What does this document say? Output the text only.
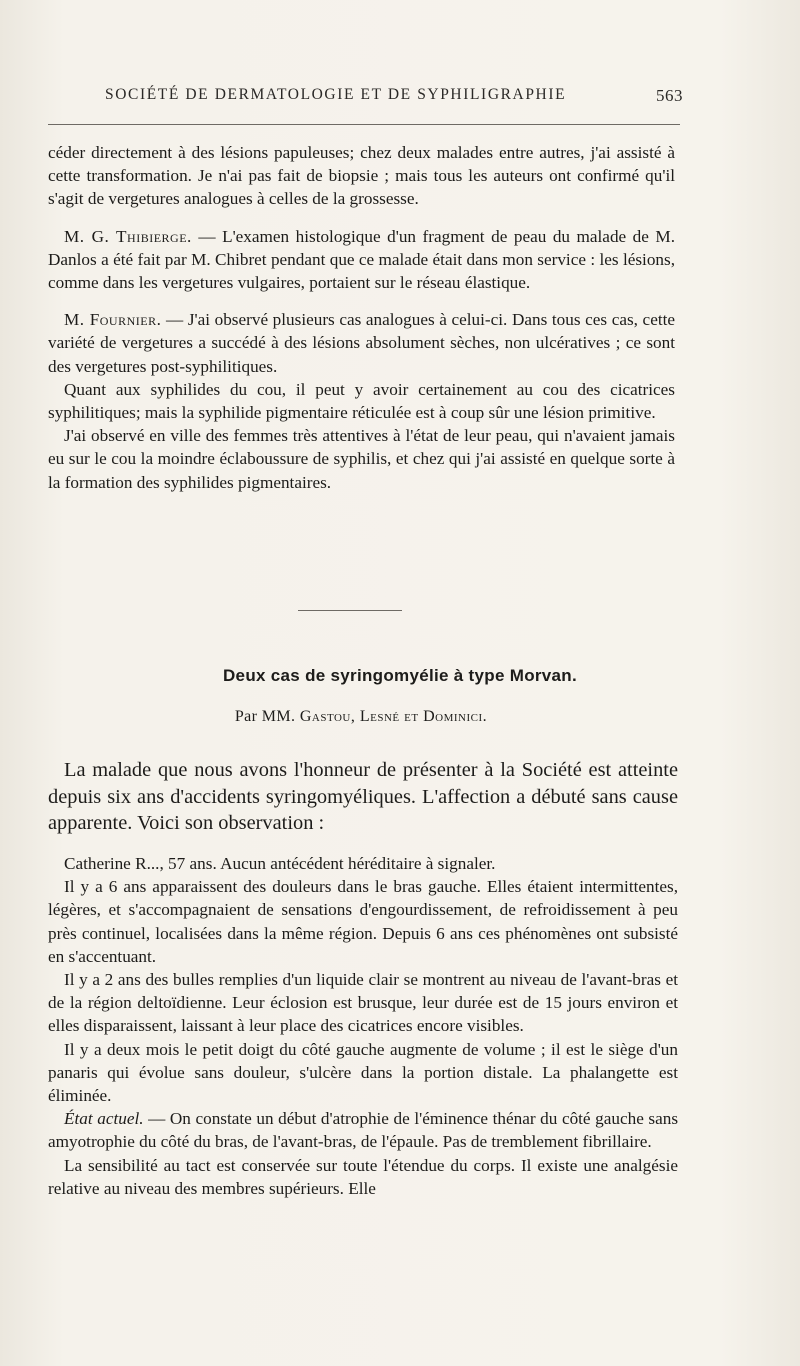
SOCIÉTÉ DE DERMATOLOGIE ET DE SYPHILIGRAPHIE	563

céder directement à des lésions papuleuses; chez deux malades entre autres, j'ai assisté à cette transformation. Je n'ai pas fait de biopsie ; mais tous les auteurs ont confirmé qu'il s'agit de vergetures analogues à celles de la grossesse.

M. G. Thibierge. — L'examen histologique d'un fragment de peau du malade de M. Danlos a été fait par M. Chibret pendant que ce malade était dans mon service : les lésions, comme dans les vergetures vulgaires, portaient sur le réseau élastique.

M. Fournier. — J'ai observé plusieurs cas analogues à celui-ci. Dans tous ces cas, cette variété de vergetures a succédé à des lésions absolument sèches, non ulcératives ; ce sont des vergetures post-syphilitiques.

Quant aux syphilides du cou, il peut y avoir certainement au cou des cicatrices syphilitiques; mais la syphilide pigmentaire réticulée est à coup sûr une lésion primitive.

J'ai observé en ville des femmes très attentives à l'état de leur peau, qui n'avaient jamais eu sur le cou la moindre éclaboussure de syphilis, et chez qui j'ai assisté en quelque sorte à la formation des syphilides pigmentaires.

Deux cas de syringomyélie à type Morvan.
Par MM. Gastou, Lesné et Dominici.

La malade que nous avons l'honneur de présenter à la Société est atteinte depuis six ans d'accidents syringomyéliques. L'affection a débuté sans cause apparente. Voici son observation :

Catherine R..., 57 ans. Aucun antécédent héréditaire à signaler.

Il y a 6 ans apparaissent des douleurs dans le bras gauche. Elles étaient intermittentes, légères, et s'accompagnaient de sensations d'engourdissement, de refroidissement à peu près continuel, localisées dans la même région. Depuis 6 ans ces phénomènes ont subsisté en s'accentuant.

Il y a 2 ans des bulles remplies d'un liquide clair se montrent au niveau de l'avant-bras et de la région deltoïdienne. Leur éclosion est brusque, leur durée est de 15 jours environ et elles disparaissent, laissant à leur place des cicatrices encore visibles.

Il y a deux mois le petit doigt du côté gauche augmente de volume ; il est le siège d'un panaris qui évolue sans douleur, s'ulcère dans la portion distale. La phalangette est éliminée.

État actuel. — On constate un début d'atrophie de l'éminence thénar du côté gauche sans amyotrophie du côté du bras, de l'avant-bras, de l'épaule. Pas de tremblement fibrillaire.

La sensibilité au tact est conservée sur toute l'étendue du corps. Il existe une analgésie relative au niveau des membres supérieurs. Elle
